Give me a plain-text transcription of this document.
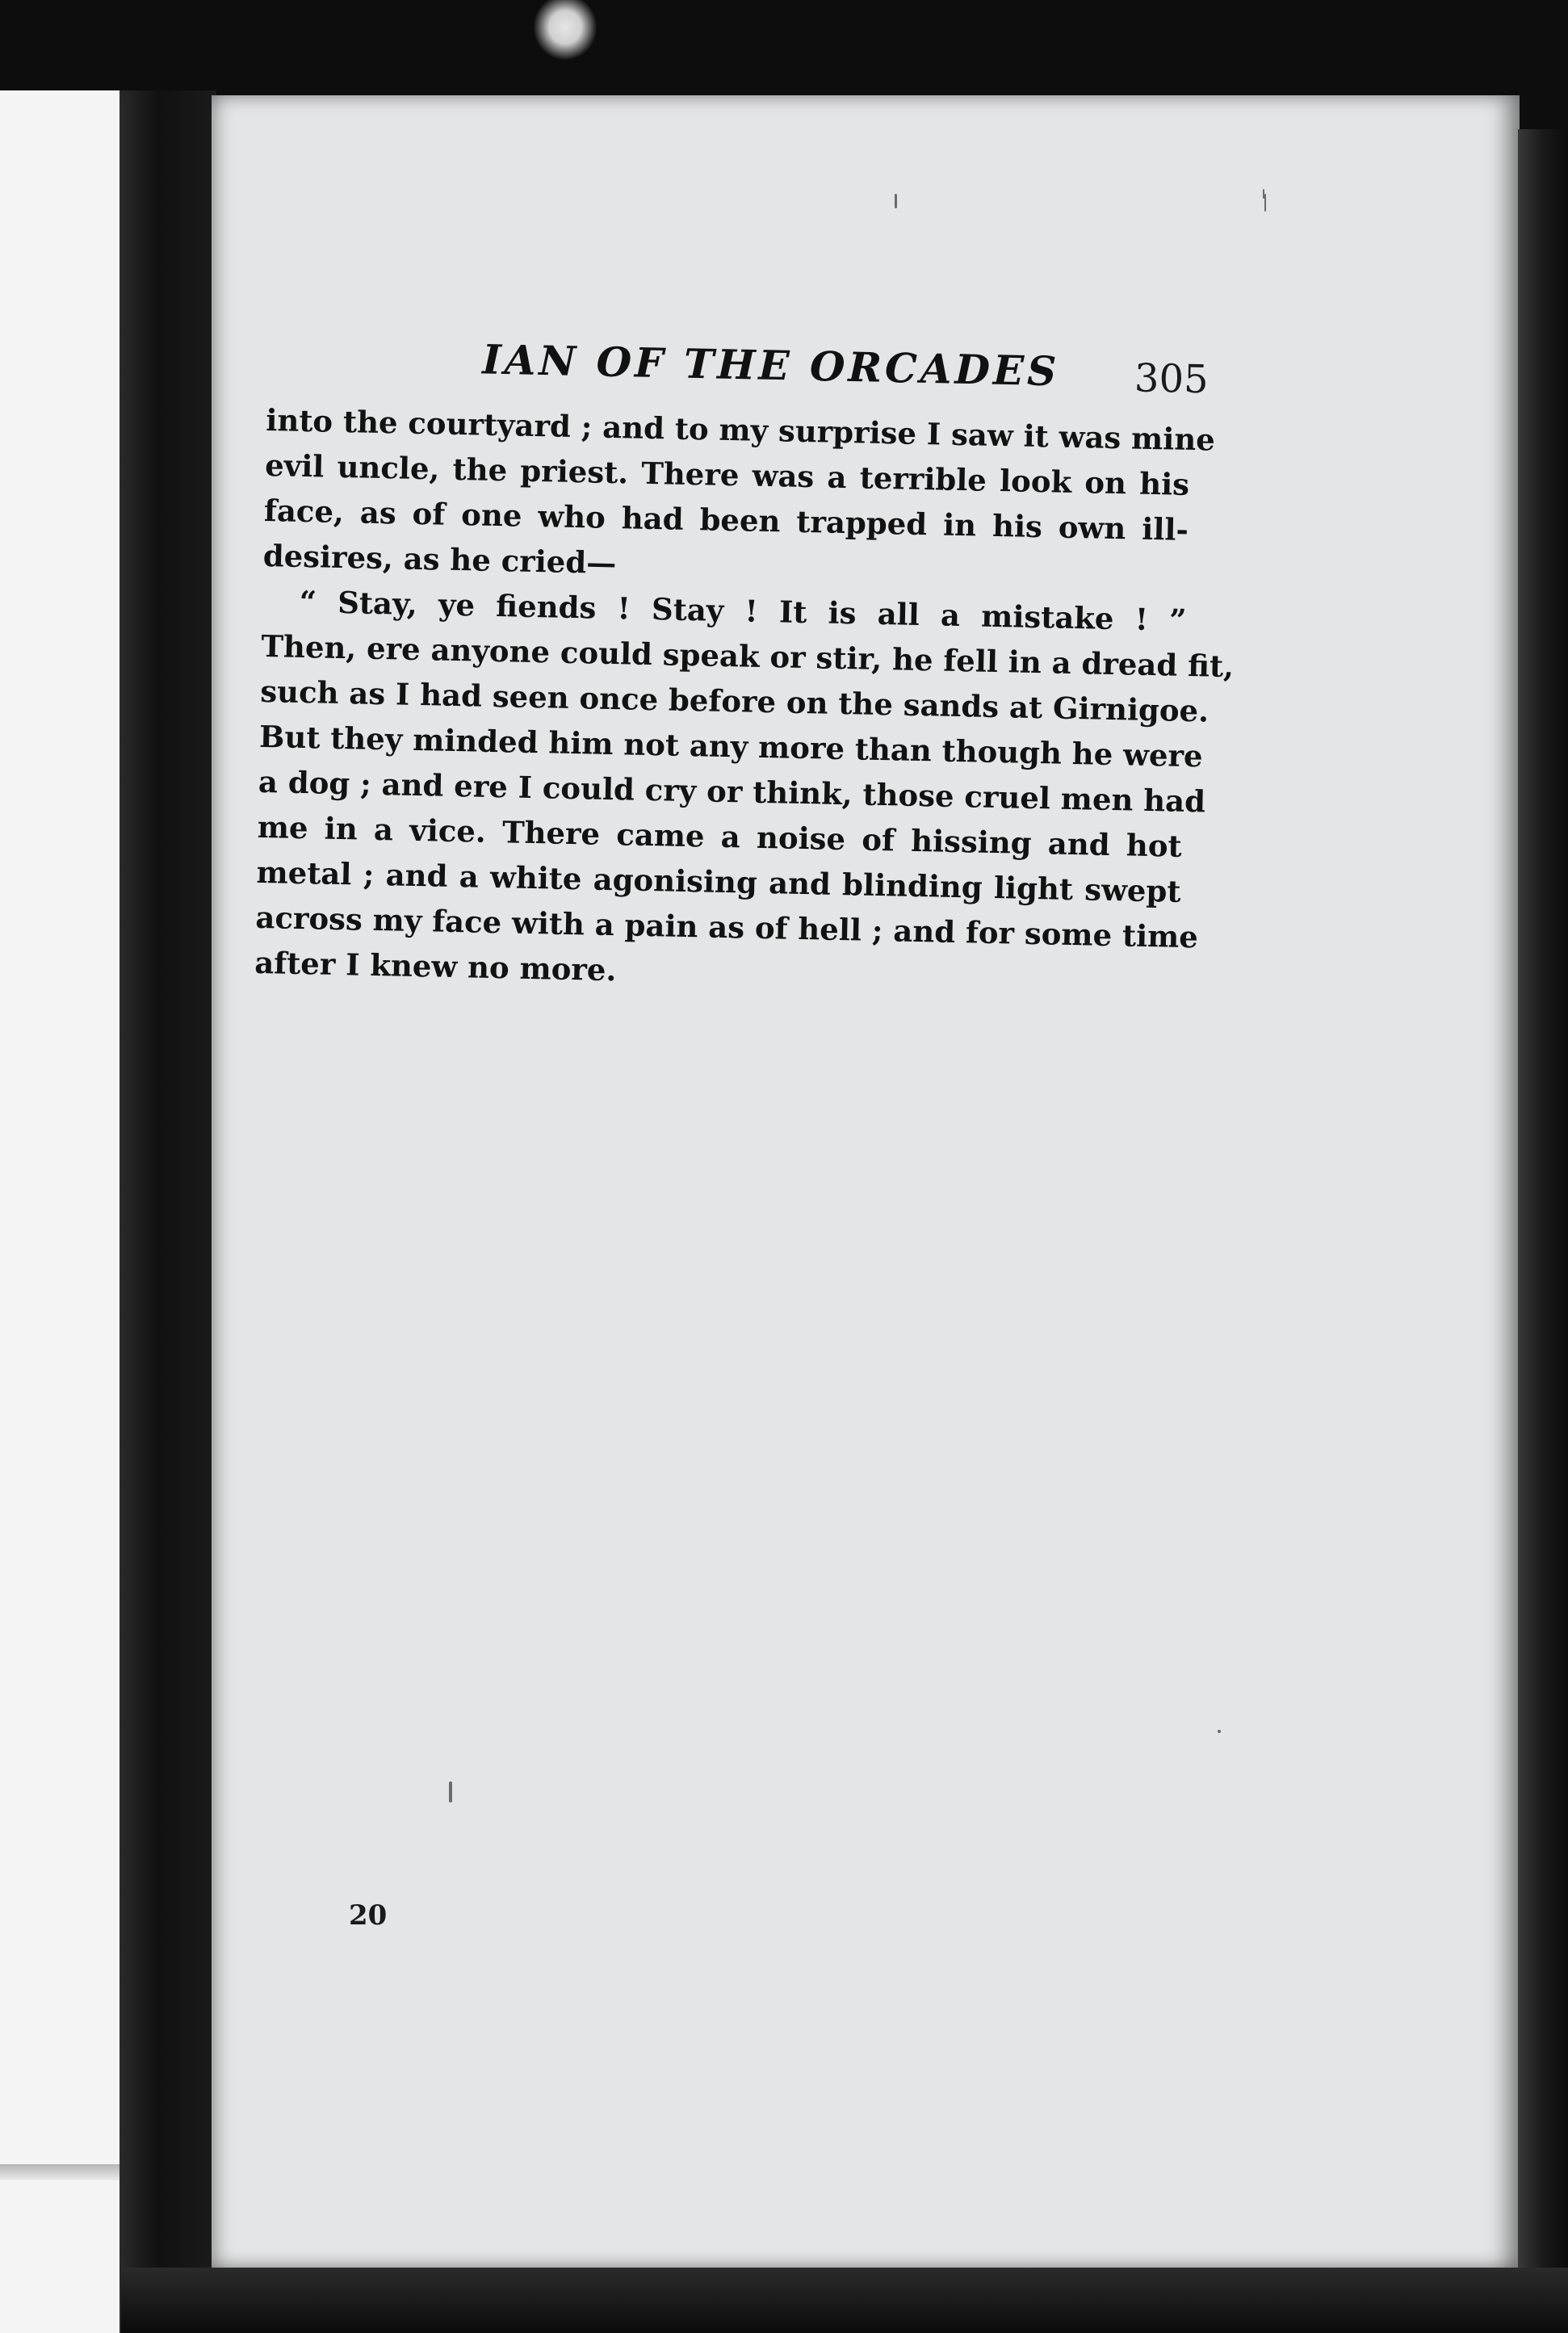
IAN OF THE ORCADES 305
into the courtyard ; and to my surprise I saw it was mine
evil uncle, the priest. There was a terrible look on his
face, as of one who had been trapped in his own ill-
desires, as he cried—
“ Stay, ye fiends ! Stay ! It is all a mistake ! ”
Then, ere anyone could speak or stir, he fell in a dread fit,
such as I had seen once before on the sands at Girnigoe.
But they minded him not any more than though he were
a dog ; and ere I could cry or think, those cruel men had
me in a vice. There came a noise of hissing and hot
metal ; and a white agonising and blinding light swept
across my face with a pain as of hell ; and for some time
after I knew no more.
20
